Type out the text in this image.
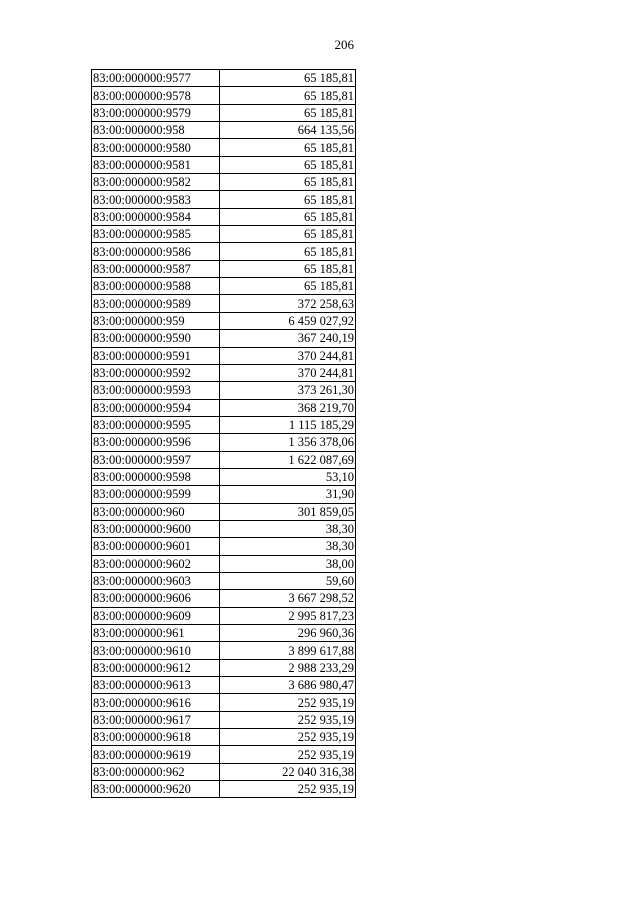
206
83:00:000000:9577	65 185,81
83:00:000000:9578	65 185,81
83:00:000000:9579	65 185,81
83:00:000000:958	664 135,56
83:00:000000:9580	65 185,81
83:00:000000:9581	65 185,81
83:00:000000:9582	65 185,81
83:00:000000:9583	65 185,81
83:00:000000:9584	65 185,81
83:00:000000:9585	65 185,81
83:00:000000:9586	65 185,81
83:00:000000:9587	65 185,81
83:00:000000:9588	65 185,81
83:00:000000:9589	372 258,63
83:00:000000:959	6 459 027,92
83:00:000000:9590	367 240,19
83:00:000000:9591	370 244,81
83:00:000000:9592	370 244,81
83:00:000000:9593	373 261,30
83:00:000000:9594	368 219,70
83:00:000000:9595	1 115 185,29
83:00:000000:9596	1 356 378,06
83:00:000000:9597	1 622 087,69
83:00:000000:9598	53,10
83:00:000000:9599	31,90
83:00:000000:960	301 859,05
83:00:000000:9600	38,30
83:00:000000:9601	38,30
83:00:000000:9602	38,00
83:00:000000:9603	59,60
83:00:000000:9606	3 667 298,52
83:00:000000:9609	2 995 817,23
83:00:000000:961	296 960,36
83:00:000000:9610	3 899 617,88
83:00:000000:9612	2 988 233,29
83:00:000000:9613	3 686 980,47
83:00:000000:9616	252 935,19
83:00:000000:9617	252 935,19
83:00:000000:9618	252 935,19
83:00:000000:9619	252 935,19
83:00:000000:962	22 040 316,38
83:00:000000:9620	252 935,19
